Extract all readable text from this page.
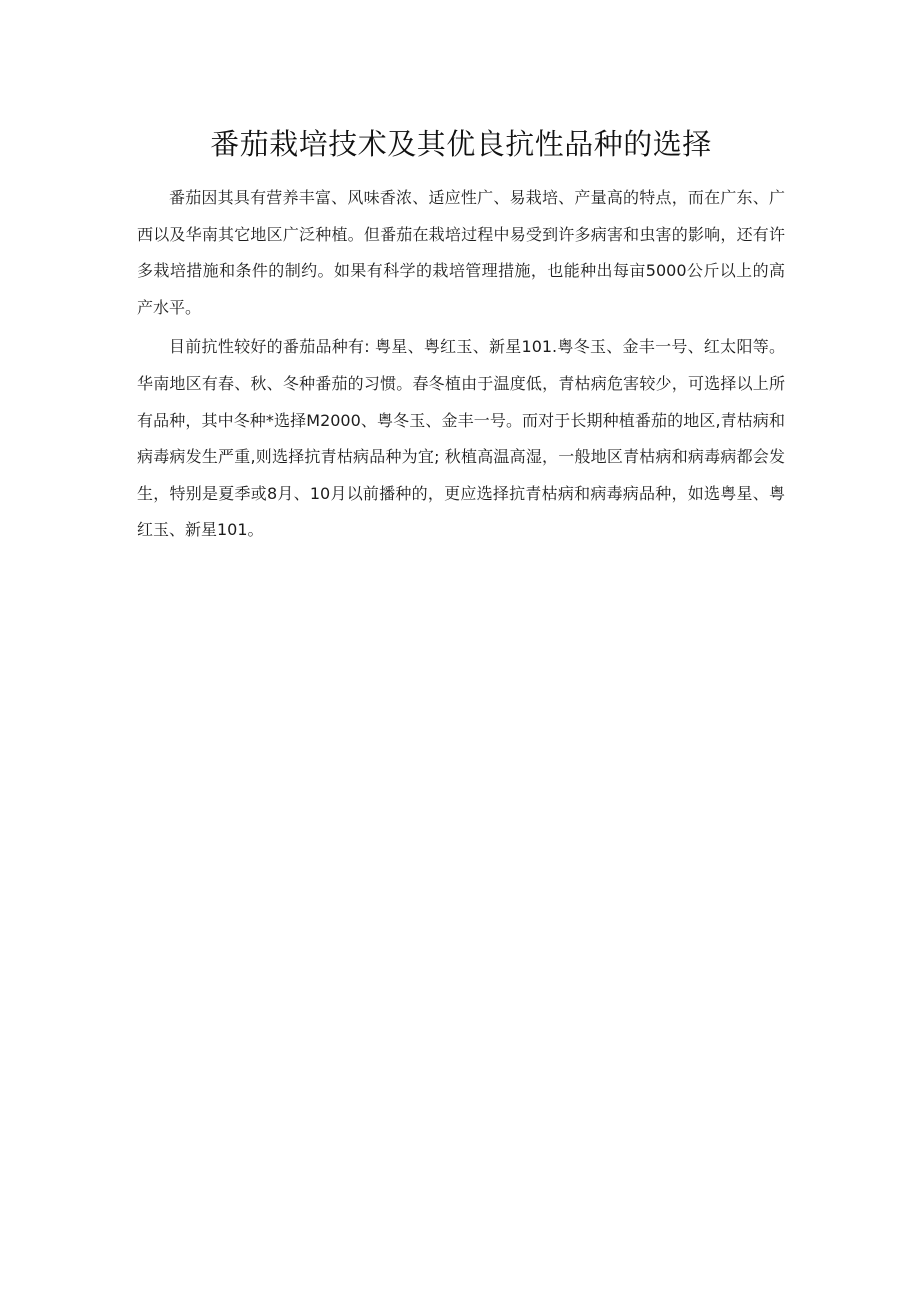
番茄栽培技术及其优良抗性品种的选择

番茄因其具有营养丰富、风味香浓、适应性广、易栽培、产量高的特点，而在广东、广西以及华南其它地区广泛种植。但番茄在栽培过程中易受到许多病害和虫害的影响，还有许多栽培措施和条件的制约。如果有科学的栽培管理措施，也能种出每亩5000公斤以上的高产水平。

目前抗性较好的番茄品种有: 粤星、粤红玉、新星101.粤冬玉、金丰一号、红太阳等。华南地区有春、秋、冬种番茄的习惯。春冬植由于温度低，青枯病危害较少，可选择以上所有品种，其中冬种*选择M2000、粤冬玉、金丰一号。而对于长期种植番茄的地区,青枯病和病毒病发生严重,则选择抗青枯病品种为宜; 秋植高温高湿，一般地区青枯病和病毒病都会发生，特别是夏季或8月、10月以前播种的，更应选择抗青枯病和病毒病品种，如选粤星、粤红玉、新星101。
